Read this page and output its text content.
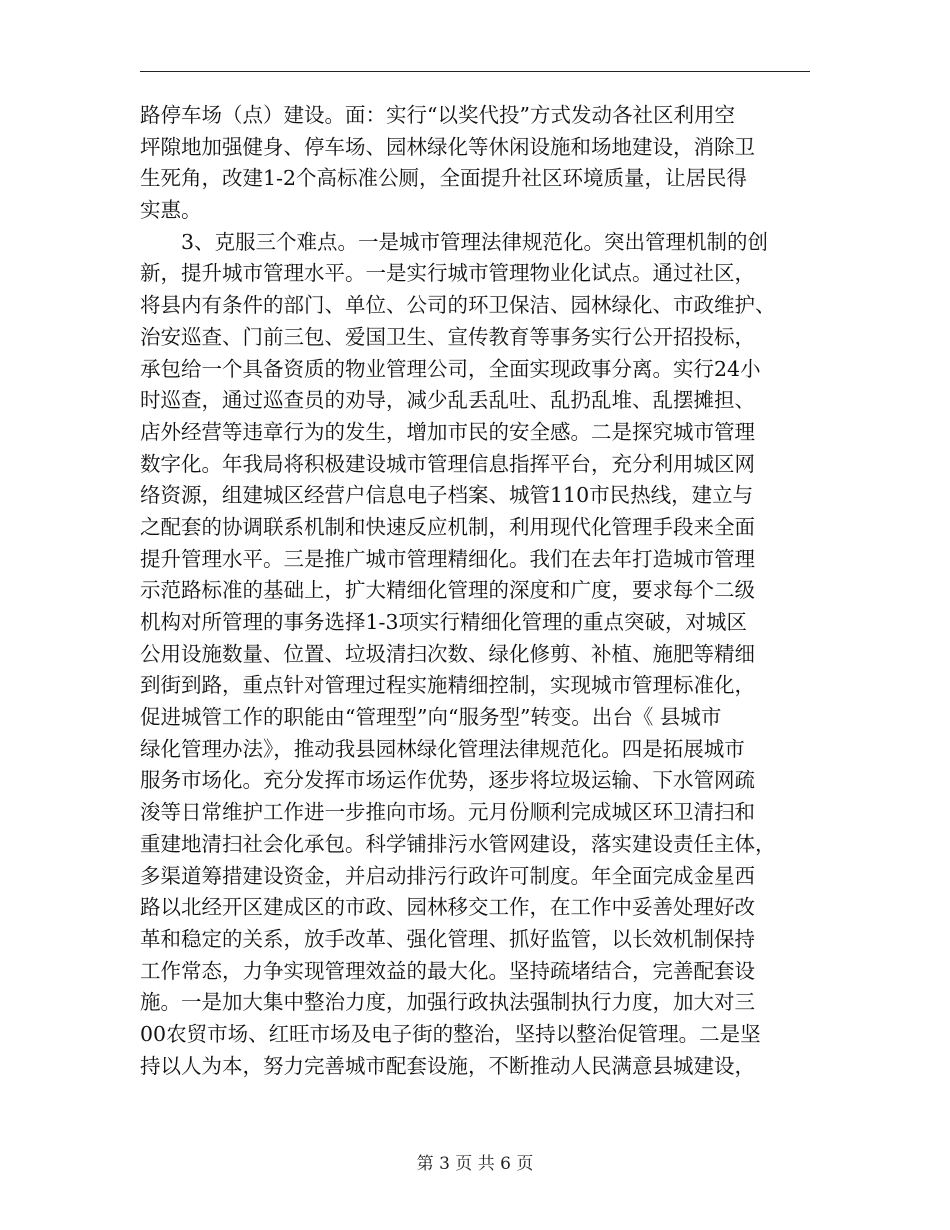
路停车场（点）建设。面：实行“以奖代投”方式发动各社区利用空
坪隙地加强健身、停车场、园林绿化等休闲设施和场地建设，消除卫
生死角，改建1-2个高标准公厕，全面提升社区环境质量，让居民得
实惠。
3、克服三个难点。一是城市管理法律规范化。突出管理机制的创
新，提升城市管理水平。一是实行城市管理物业化试点。通过社区，
将县内有条件的部门、单位、公司的环卫保洁、园林绿化、市政维护、
治安巡查、门前三包、爱国卫生、宣传教育等事务实行公开招投标，
承包给一个具备资质的物业管理公司，全面实现政事分离。实行24小
时巡查，通过巡查员的劝导，减少乱丢乱吐、乱扔乱堆、乱摆摊担、
店外经营等违章行为的发生，增加市民的安全感。二是探究城市管理
数字化。年我局将积极建设城市管理信息指挥平台，充分利用城区网
络资源，组建城区经营户信息电子档案、城管110市民热线，建立与
之配套的协调联系机制和快速反应机制，利用现代化管理手段来全面
提升管理水平。三是推广城市管理精细化。我们在去年打造城市管理
示范路标准的基础上，扩大精细化管理的深度和广度，要求每个二级
机构对所管理的事务选择1-3项实行精细化管理的重点突破，对城区
公用设施数量、位置、垃圾清扫次数、绿化修剪、补植、施肥等精细
到街到路，重点针对管理过程实施精细控制，实现城市管理标准化，
促进城管工作的职能由“管理型”向“服务型”转变。出台《 县城市
绿化管理办法》，推动我县园林绿化管理法律规范化。四是拓展城市
服务市场化。充分发挥市场运作优势，逐步将垃圾运输、下水管网疏
浚等日常维护工作进一步推向市场。元月份顺利完成城区环卫清扫和
重建地清扫社会化承包。科学铺排污水管网建设，落实建设责任主体，
多渠道筹措建设资金，并启动排污行政许可制度。年全面完成金星西
路以北经开区建成区的市政、园林移交工作，在工作中妥善处理好改
革和稳定的关系，放手改革、强化管理、抓好监管，以长效机制保持
工作常态，力争实现管理效益的最大化。坚持疏堵结合，完善配套设
施。一是加大集中整治力度，加强行政执法强制执行力度，加大对三
00农贸市场、红旺市场及电子街的整治，坚持以整治促管理。二是坚
持以人为本，努力完善城市配套设施，不断推动人民满意县城建设，
第 3 页 共 6 页
